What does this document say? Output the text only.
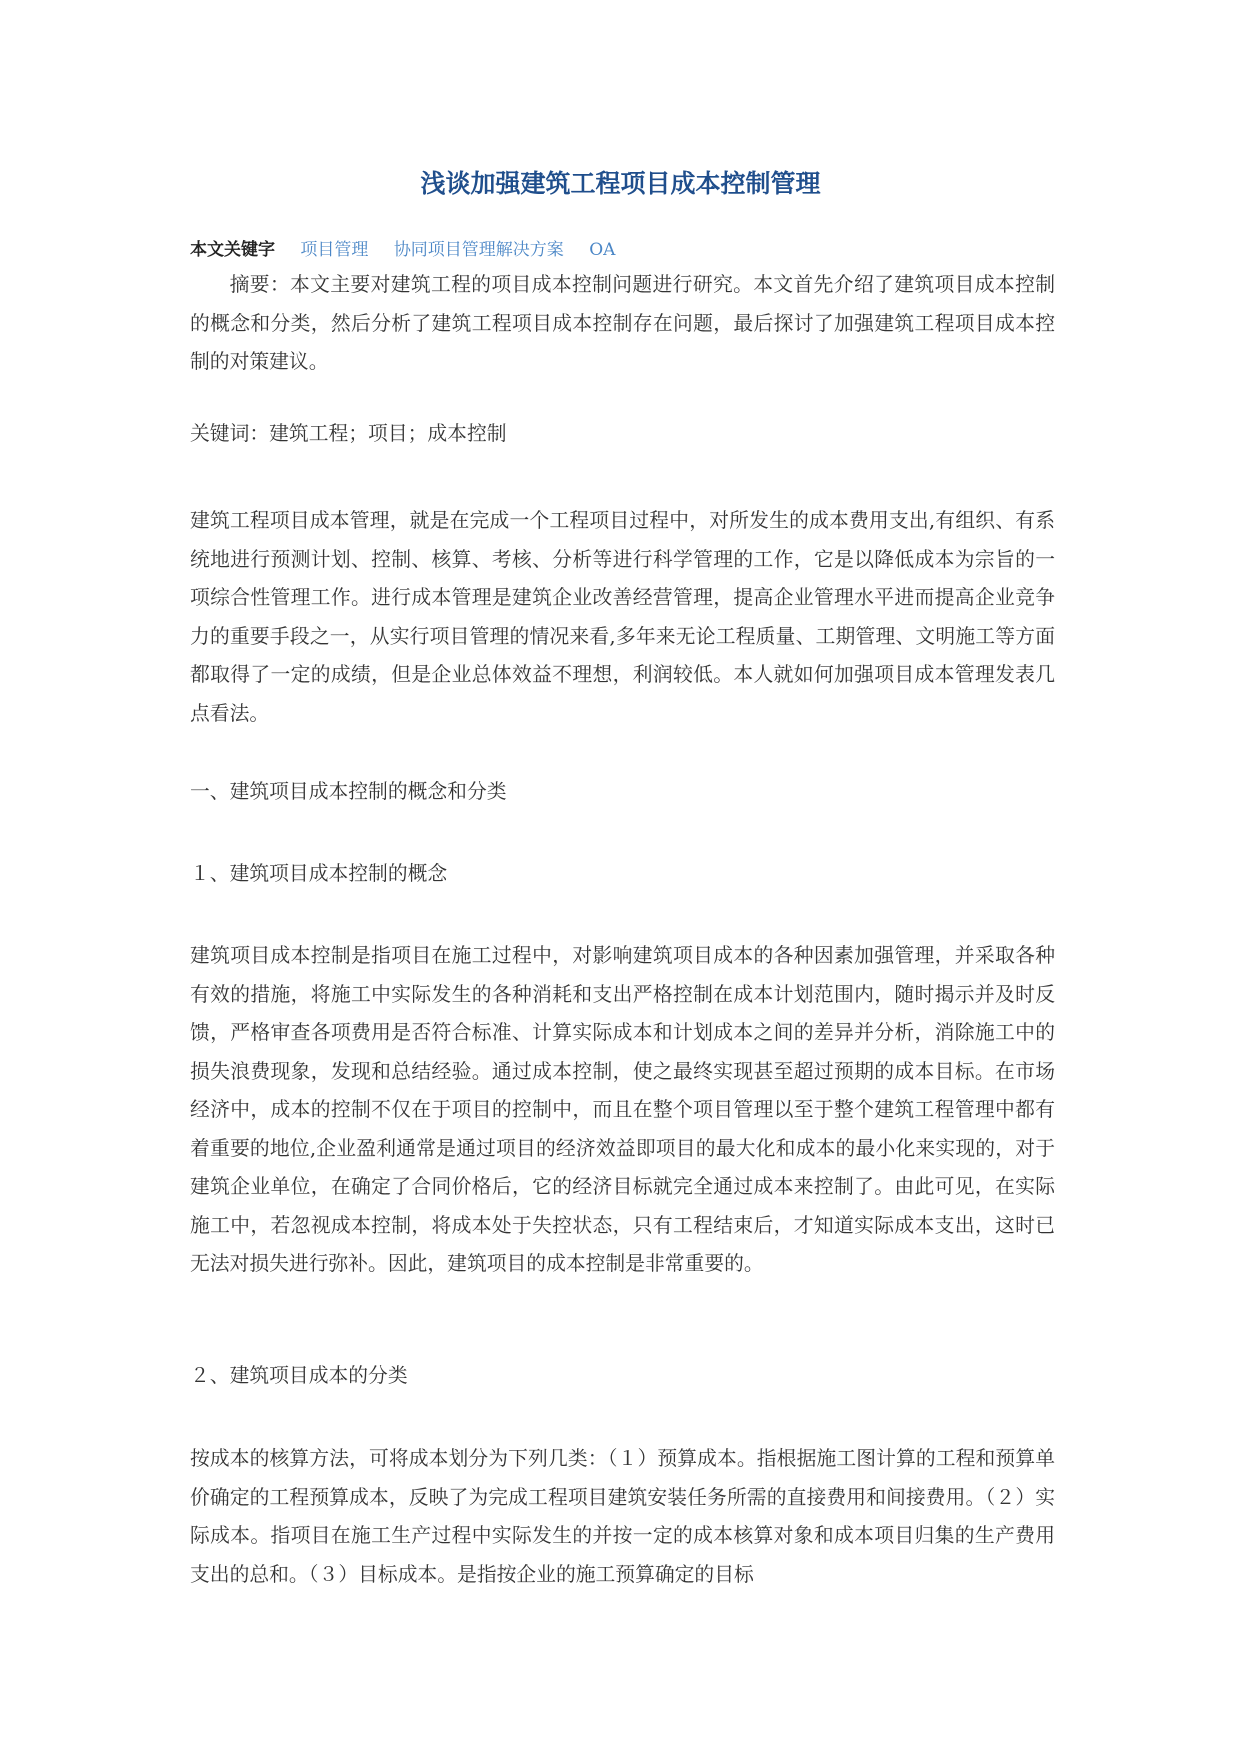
浅谈加强建筑工程项目成本控制管理
本文关键字 项目管理 协同项目管理解决方案 OA

摘要：本文主要对建筑工程的项目成本控制问题进行研究。本文首先介绍了建筑项目成本控制的概念和分类，然后分析了建筑工程项目成本控制存在问题，最后探讨了加强建筑工程项目成本控制的对策建议。

关键词：建筑工程；项目；成本控制

建筑工程项目成本管理，就是在完成一个工程项目过程中，对所发生的成本费用支出,有组织、有系统地进行预测计划、控制、核算、考核、分析等进行科学管理的工作，它是以降低成本为宗旨的一项综合性管理工作。进行成本管理是建筑企业改善经营管理，提高企业管理水平进而提高企业竞争力的重要手段之一，从实行项目管理的情况来看,多年来无论工程质量、工期管理、文明施工等方面都取得了一定的成绩，但是企业总体效益不理想，利润较低。本人就如何加强项目成本管理发表几点看法。

一、建筑项目成本控制的概念和分类

１、建筑项目成本控制的概念

建筑项目成本控制是指项目在施工过程中，对影响建筑项目成本的各种因素加强管理，并采取各种有效的措施，将施工中实际发生的各种消耗和支出严格控制在成本计划范围内，随时揭示并及时反馈，严格审查各项费用是否符合标准、计算实际成本和计划成本之间的差异并分析，消除施工中的损失浪费现象，发现和总结经验。通过成本控制，使之最终实现甚至超过预期的成本目标。在市场经济中，成本的控制不仅在于项目的控制中，而且在整个项目管理以至于整个建筑工程管理中都有着重要的地位,企业盈利通常是通过项目的经济效益即项目的最大化和成本的最小化来实现的，对于建筑企业单位，在确定了合同价格后，它的经济目标就完全通过成本来控制了。由此可见，在实际施工中，若忽视成本控制，将成本处于失控状态，只有工程结束后，才知道实际成本支出，这时已无法对损失进行弥补。因此，建筑项目的成本控制是非常重要的。

２、建筑项目成本的分类

按成本的核算方法，可将成本划分为下列几类：（１）预算成本。指根据施工图计算的工程和预算单价确定的工程预算成本，反映了为完成工程项目建筑安装任务所需的直接费用和间接费用。（２）实际成本。指项目在施工生产过程中实际发生的并按一定的成本核算对象和成本项目归集的生产费用支出的总和。（３）目标成本。是指按企业的施工预算确定的目标
